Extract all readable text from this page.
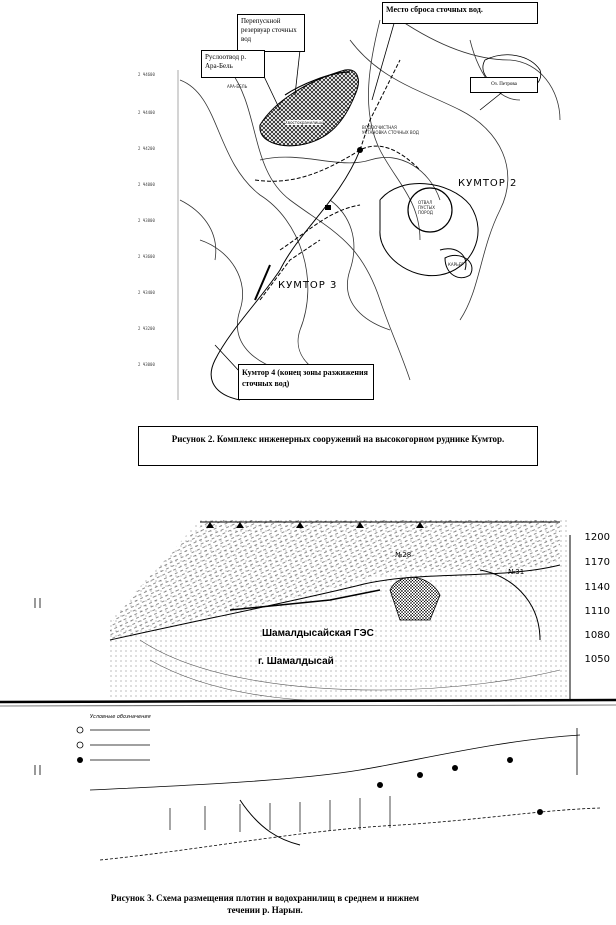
2 Ч4600
2 Ч4400
2 Ч4200
2 Ч4000
2 Ч3800
2 Ч3600
2 Ч3400
2 Ч3200
2 Ч3000
Перепускной резервуар сточных вод
Руслоотвод р. Ара-Бель
Место сброса сточных вод.
Оз. Петрова
Кумтор 4 (конец зоны разжижения сточных вод)
АРА-БЕЛЬ
Хвостохранилище
ВОДООЧИСТНАЯ УСТАНОВКА СТОЧНЫХ ВОД
ОТВАЛ ПУСТЫХ ПОРОД
КАРЬЕР
КУМТОР 2
КУМТОР 3
Рисунок 2. Комплекс инженерных сооружений на высокогорном руднике Кумтор.
1200
1170
1140
1110
1080
1050
Шамалдысайская ГЭС
г. Шамалдысай
№28
№31
Условные обозначения
Рисунок 3. Схема размещения плотин и водохранилищ в среднем и нижнем течении р. Нарын.
